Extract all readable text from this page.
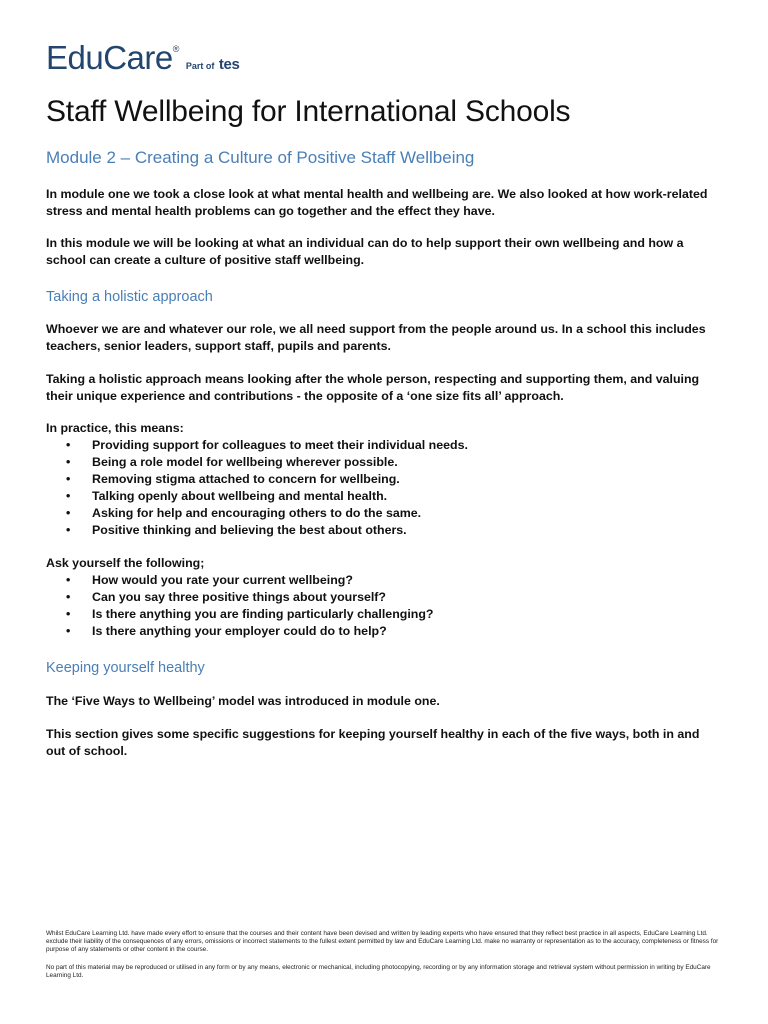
EduCare® Part of tes
Staff Wellbeing for International Schools
Module 2 – Creating a Culture of Positive Staff Wellbeing

In module one we took a close look at what mental health and wellbeing are. We also looked at how work-related stress and mental health problems can go together and the effect they have.

In this module we will be looking at what an individual can do to help support their own wellbeing and how a school can create a culture of positive staff wellbeing.

Taking a holistic approach

Whoever we are and whatever our role, we all need support from the people around us. In a school this includes teachers, senior leaders, support staff, pupils and parents.

Taking a holistic approach means looking after the whole person, respecting and supporting them, and valuing their unique experience and contributions - the opposite of a ‘one size fits all’ approach.

In practice, this means:

• Providing support for colleagues to meet their individual needs.
• Being a role model for wellbeing wherever possible.
• Removing stigma attached to concern for wellbeing.
• Talking openly about wellbeing and mental health.
• Asking for help and encouraging others to do the same.
• Positive thinking and believing the best about others.

Ask yourself the following;

• How would you rate your current wellbeing?
• Can you say three positive things about yourself?
• Is there anything you are finding particularly challenging?
• Is there anything your employer could do to help?
Keeping yourself healthy

The ‘Five Ways to Wellbeing’ model was introduced in module one.

This section gives some specific suggestions for keeping yourself healthy in each of the five ways, both in and out of school.

Whilst EduCare Learning Ltd. have made every effort to ensure that the courses and their content have been devised and written by leading experts who have ensured that they reflect best practice in all aspects, EduCare Learning Ltd. exclude their liability of the consequences of any errors, omissions or incorrect statements to the fullest extent permitted by law and EduCare Learning Ltd. make no warranty or representation as to the accuracy, completeness or fitness for purpose of any statements or other content in the course.
No part of this material may be reproduced or utilised in any form or by any means, electronic or mechanical, including photocopying, recording or by any information storage and retrieval system without permission in writing by EduCare Learning Ltd.
